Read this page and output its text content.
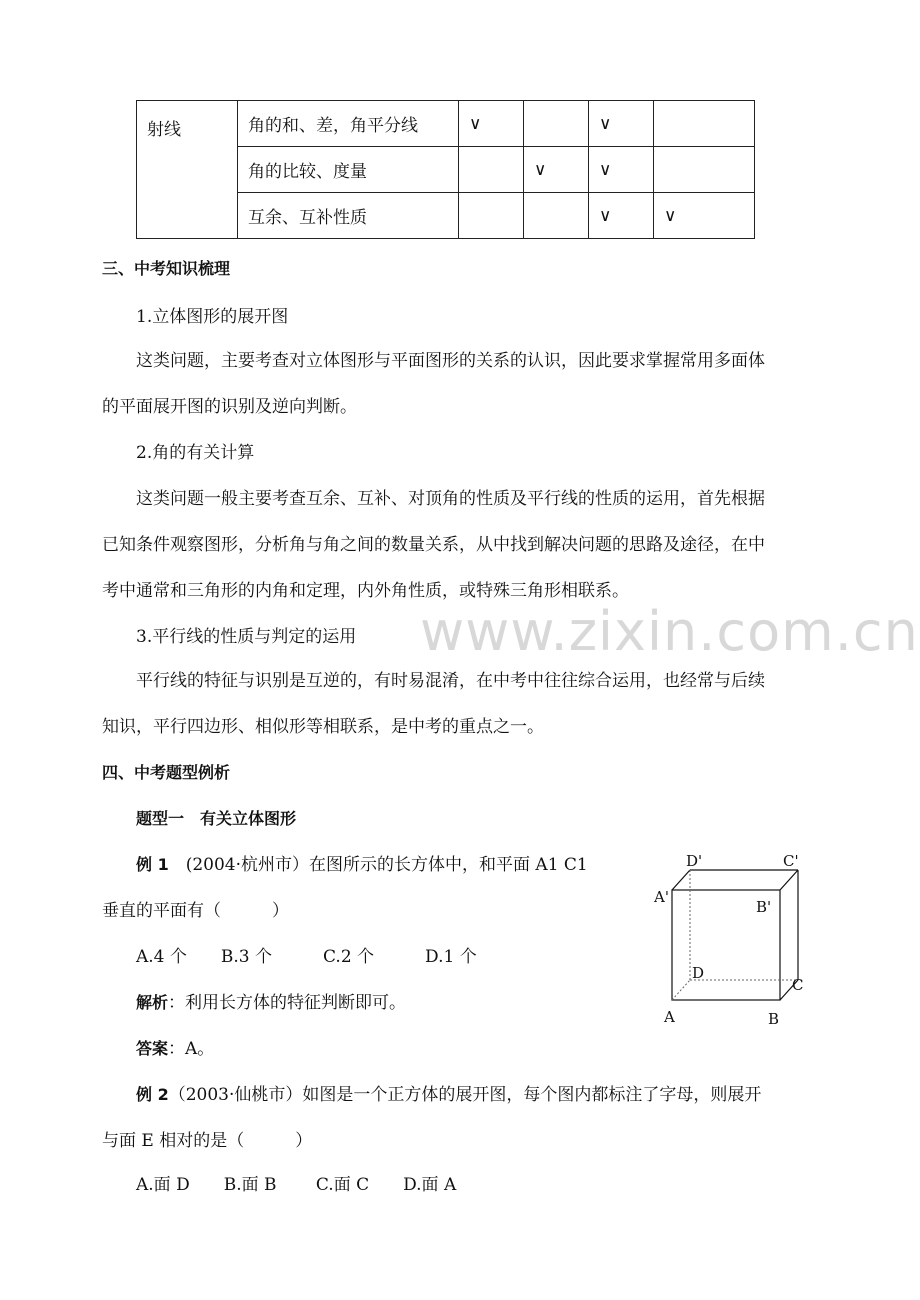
射线	角的和、差，角平分线	∨		∨	
	角的比较、度量		∨	∨	
	互余、互补性质			∨	∨
三、中考知识梳理
1.立体图形的展开图
这类问题，主要考查对立体图形与平面图形的关系的认识，因此要求掌握常用多面体
的平面展开图的识别及逆向判断。
2.角的有关计算
这类问题一般主要考查互余、互补、对顶角的性质及平行线的性质的运用，首先根据
已知条件观察图形，分析角与角之间的数量关系，从中找到解决问题的思路及途径，在中
考中通常和三角形的内角和定理，内外角性质，或特殊三角形相联系。
3.平行线的性质与判定的运用 www.zixin.com.cn
平行线的特征与识别是互逆的，有时易混淆，在中考中往往综合运用，也经常与后续
知识，平行四边形、相似形等相联系，是中考的重点之一。
四、中考题型例析
题型一　有关立体图形
例 1　(2004·杭州市）在图所示的长方体中，和平面 A1 C1
垂直的平面有（　　　）
A.4 个　　B.3 个　　　C.2 个　　　D.1 个
解析：利用长方体的特征判断即可。
答案：A。
例 2（2003·仙桃市）如图是一个正方体的展开图，每个图内都标注了字母，则展开
与面 E 相对的是（　　　）
A.面 D　　B.面 B　　 C.面 C　　D.面 A
D'	C'
A'
B'
D
C
A	B
